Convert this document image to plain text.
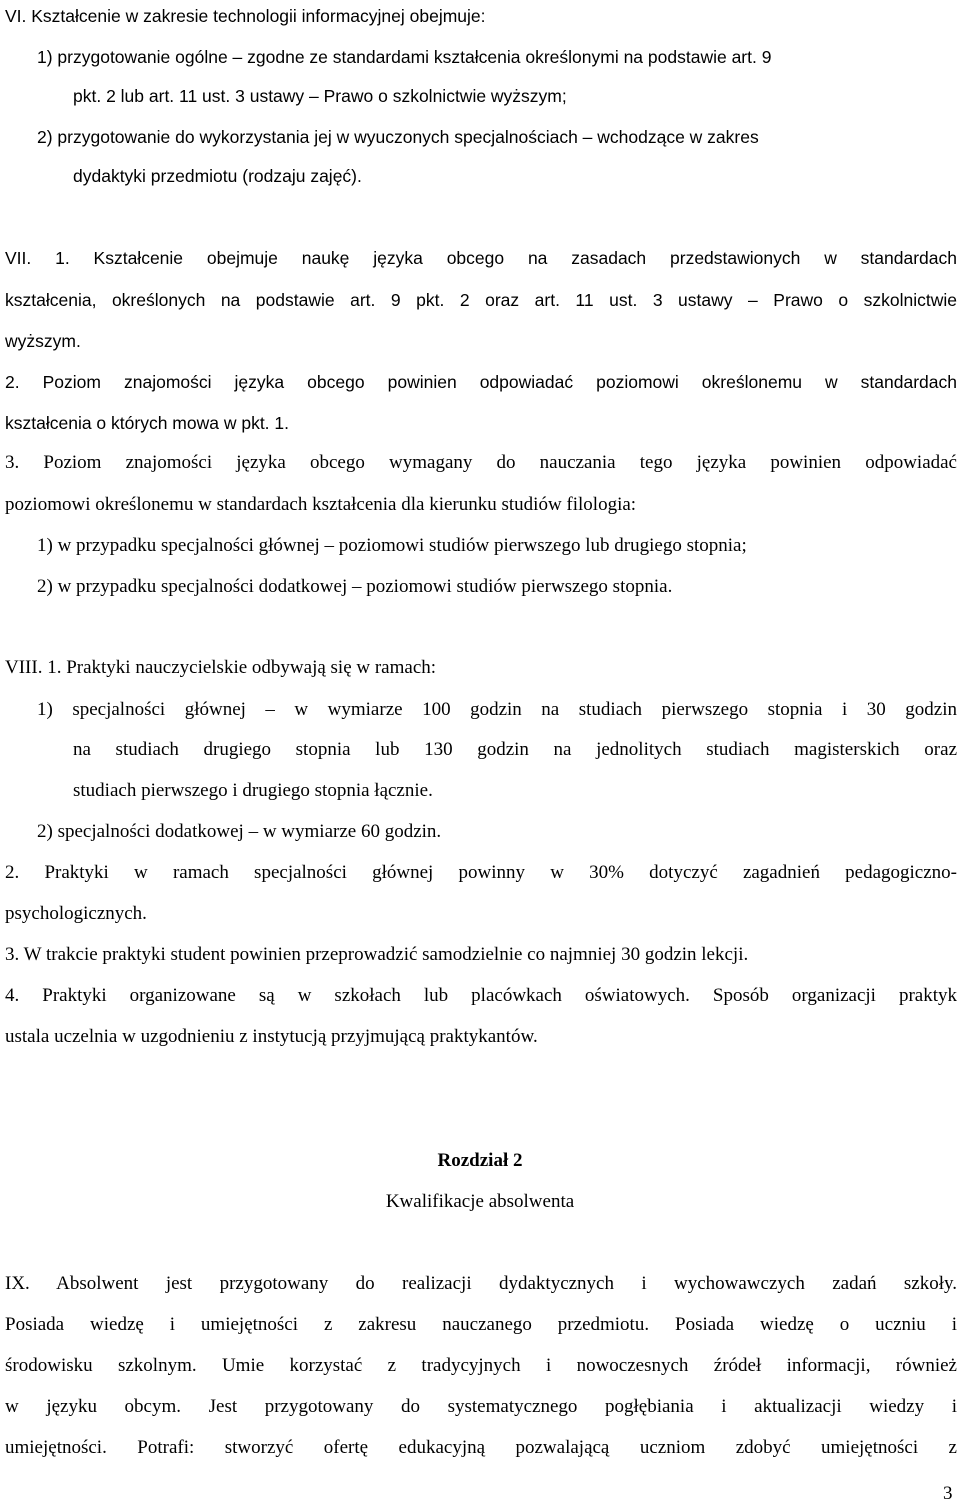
VI. Kształcenie w zakresie technologii informacyjnej obejmuje:
1) przygotowanie ogólne – zgodne ze standardami kształcenia określonymi na podstawie art. 9
pkt. 2 lub art. 11 ust. 3 ustawy – Prawo o szkolnictwie wyższym;
2) przygotowanie do wykorzystania jej w wyuczonych specjalnościach – wchodzące w zakres
dydaktyki przedmiotu (rodzaju zajęć).
VII. 1. Kształcenie obejmuje naukę języka obcego na zasadach przedstawionych w standardach
kształcenia, określonych na podstawie art. 9 pkt. 2 oraz art. 11 ust. 3 ustawy – Prawo o szkolnictwie
wyższym.
2. Poziom znajomości języka obcego powinien odpowiadać poziomowi określonemu w standardach
kształcenia o których mowa w pkt. 1.
3. Poziom znajomości języka obcego wymagany do nauczania tego języka powinien odpowiadać
poziomowi określonemu w standardach kształcenia dla kierunku studiów filologia:
1) w przypadku specjalności głównej – poziomowi studiów pierwszego lub drugiego stopnia;
2) w przypadku specjalności dodatkowej – poziomowi studiów pierwszego stopnia.
VIII. 1. Praktyki nauczycielskie odbywają się w ramach:
1) specjalności głównej – w wymiarze 100 godzin na studiach pierwszego stopnia i 30 godzin
na studiach drugiego stopnia lub 130 godzin na jednolitych studiach magisterskich oraz
studiach pierwszego i drugiego stopnia łącznie.
2) specjalności dodatkowej – w wymiarze 60 godzin.
2. Praktyki w ramach specjalności głównej powinny w 30% dotyczyć zagadnień pedagogiczno-
psychologicznych.
3. W trakcie praktyki student powinien przeprowadzić samodzielnie co najmniej 30 godzin lekcji.
4. Praktyki organizowane są w szkołach lub placówkach oświatowych. Sposób organizacji praktyk
ustala uczelnia w uzgodnieniu z instytucją przyjmującą praktykantów.
Rozdział 2
Kwalifikacje absolwenta
IX. Absolwent jest przygotowany do realizacji dydaktycznych i wychowawczych zadań szkoły.
Posiada wiedzę i umiejętności z zakresu nauczanego przedmiotu. Posiada wiedzę o uczniu i
środowisku szkolnym. Umie korzystać z tradycyjnych i nowoczesnych źródeł informacji, również
w języku obcym. Jest przygotowany do systematycznego pogłębiania i aktualizacji wiedzy i
umiejętności. Potrafi: stworzyć ofertę edukacyjną pozwalającą uczniom zdobyć umiejętności z
3
